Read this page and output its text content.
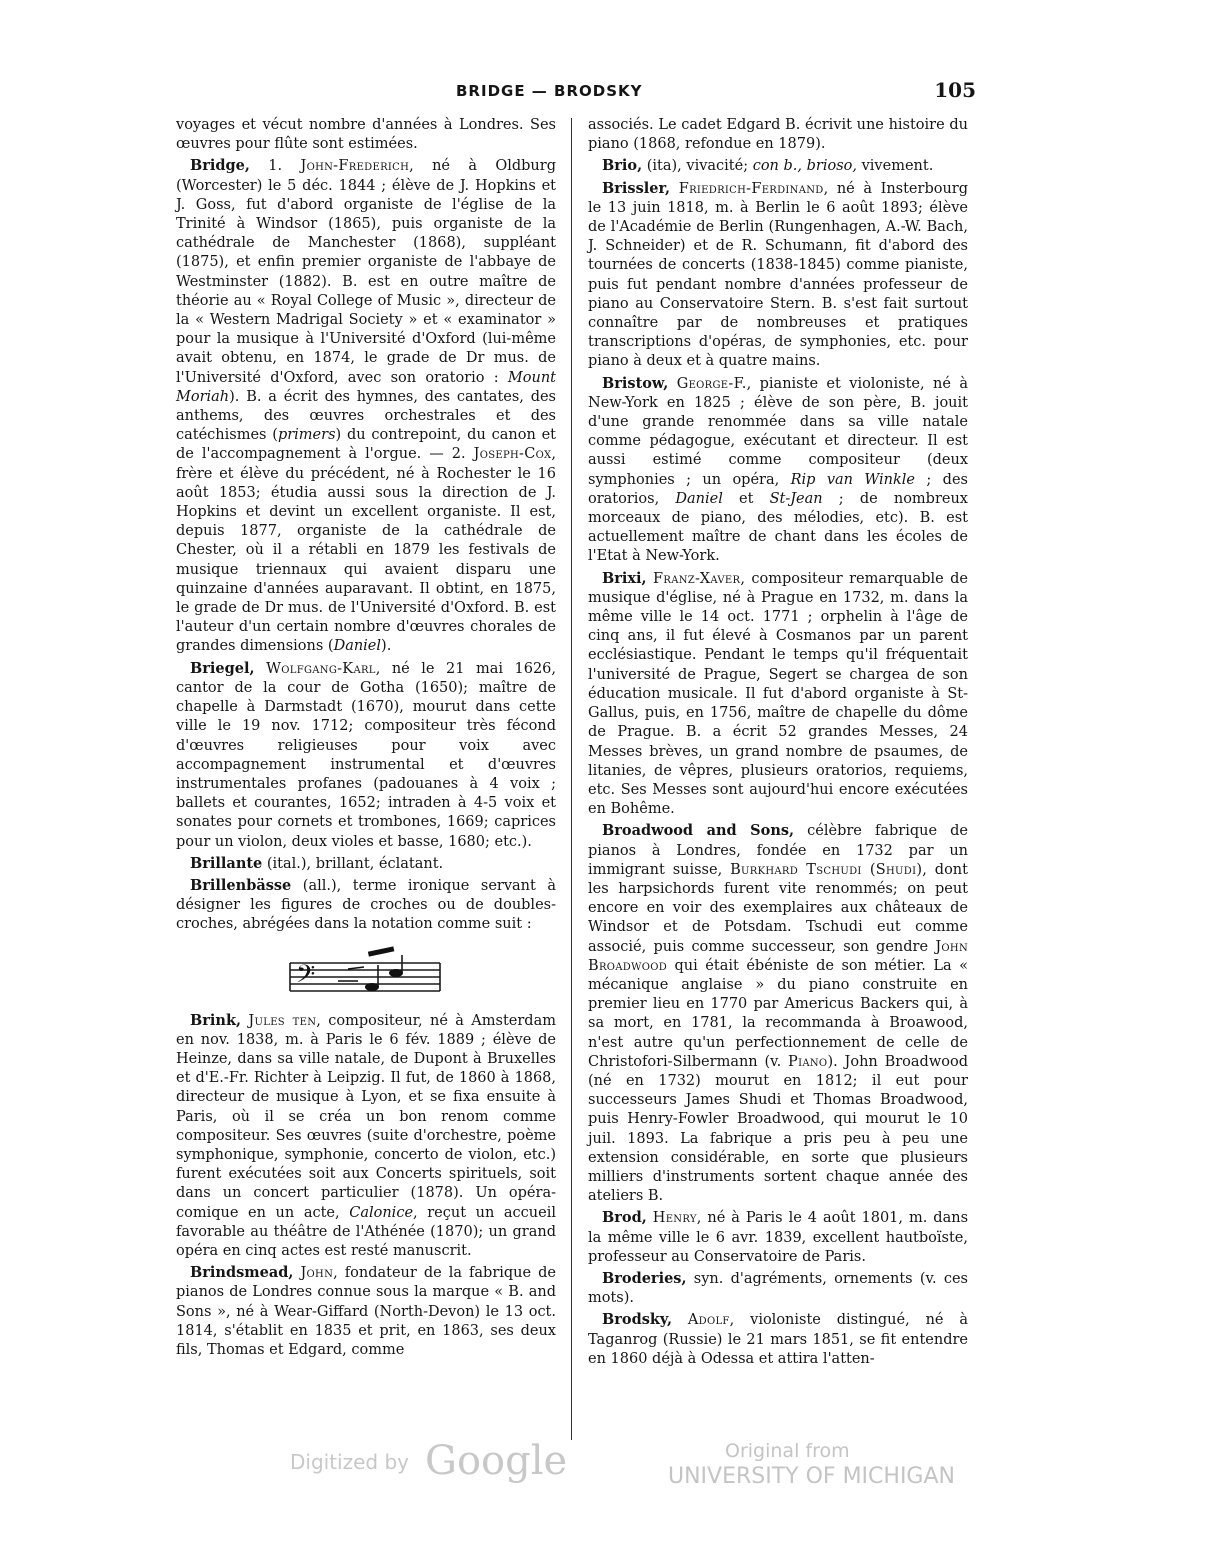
BRIDGE — BRODSKY	105

voyages et vécut nombre d'années à Londres. Ses œuvres pour flûte sont estimées.

Bridge, 1. John-Frederich, né à Oldburg (Worcester) le 5 déc. 1844 ; élève de J. Hopkins et J. Goss, fut d'abord organiste de l'église de la Trinité à Windsor (1865), puis organiste de la cathédrale de Manchester (1868), suppléant (1875), et enfin premier organiste de l'abbaye de Westminster (1882). B. est en outre maître de théorie au « Royal College of Music », directeur de la « Western Madrigal Society » et « examinator » pour la musique à l'Université d'Oxford (lui-même avait obtenu, en 1874, le grade de Dr mus. de l'Université d'Oxford, avec son oratorio : Mount Moriah). B. a écrit des hymnes, des cantates, des anthems, des œuvres orchestrales et des catéchismes (primers) du contrepoint, du canon et de l'accompagnement à l'orgue. — 2. Joseph-Cox, frère et élève du précédent, né à Rochester le 16 août 1853; étudia aussi sous la direction de J. Hopkins et devint un excellent organiste. Il est, depuis 1877, organiste de la cathédrale de Chester, où il a rétabli en 1879 les festivals de musique triennaux qui avaient disparu une quinzaine d'années auparavant. Il obtint, en 1875, le grade de Dr mus. de l'Université d'Oxford. B. est l'auteur d'un certain nombre d'œuvres chorales de grandes dimensions (Daniel).

Briegel, Wolfgang-Karl, né le 21 mai 1626, cantor de la cour de Gotha (1650); maître de chapelle à Darmstadt (1670), mourut dans cette ville le 19 nov. 1712; compositeur très fécond d'œuvres religieuses pour voix avec accompagnement instrumental et d'œuvres instrumentales profanes (padouanes à 4 voix ; ballets et courantes, 1652; intraden à 4-5 voix et sonates pour cornets et trombones, 1669; caprices pour un violon, deux violes et basse, 1680; etc.).

Brillante (ital.), brillant, éclatant.

Brillenbässe (all.), terme ironique servant à désigner les figures de croches ou de doubles-croches, abrégées dans la notation comme suit :

𝄢

Brink, Jules ten, compositeur, né à Amsterdam en nov. 1838, m. à Paris le 6 fév. 1889 ; élève de Heinze, dans sa ville natale, de Dupont à Bruxelles et d'E.-Fr. Richter à Leipzig. Il fut, de 1860 à 1868, directeur de musique à Lyon, et se fixa ensuite à Paris, où il se créa un bon renom comme compositeur. Ses œuvres (suite d'orchestre, poème symphonique, symphonie, concerto de violon, etc.) furent exécutées soit aux Concerts spirituels, soit dans un concert particulier (1878). Un opéra-comique en un acte, Calonice, reçut un accueil favorable au théâtre de l'Athénée (1870); un grand opéra en cinq actes est resté manuscrit.

Brindsmead, John, fondateur de la fabrique de pianos de Londres connue sous la marque « B. and Sons », né à Wear-Giffard (North-Devon) le 13 oct. 1814, s'établit en 1835 et prit, en 1863, ses deux fils, Thomas et Edgard, comme

associés. Le cadet Edgard B. écrivit une histoire du piano (1868, refondue en 1879).

Brio, (ita), vivacité; con b., brioso, vivement.

Brissler, Friedrich-Ferdinand, né à Insterbourg le 13 juin 1818, m. à Berlin le 6 août 1893; élève de l'Académie de Berlin (Rungenhagen, A.-W. Bach, J. Schneider) et de R. Schumann, fit d'abord des tournées de concerts (1838-1845) comme pianiste, puis fut pendant nombre d'années professeur de piano au Conservatoire Stern. B. s'est fait surtout connaître par de nombreuses et pratiques transcriptions d'opéras, de symphonies, etc. pour piano à deux et à quatre mains.

Bristow, George-F., pianiste et violoniste, né à New-York en 1825 ; élève de son père, B. jouit d'une grande renommée dans sa ville natale comme pédagogue, exécutant et directeur. Il est aussi estimé comme compositeur (deux symphonies ; un opéra, Rip van Winkle ; des oratorios, Daniel et St-Jean ; de nombreux morceaux de piano, des mélodies, etc). B. est actuellement maître de chant dans les écoles de l'Etat à New-York.

Brixi, Franz-Xaver, compositeur remarquable de musique d'église, né à Prague en 1732, m. dans la même ville le 14 oct. 1771 ; orphelin à l'âge de cinq ans, il fut élevé à Cosmanos par un parent ecclésiastique. Pendant le temps qu'il fréquentait l'université de Prague, Segert se chargea de son éducation musicale. Il fut d'abord organiste à St-Gallus, puis, en 1756, maître de chapelle du dôme de Prague. B. a écrit 52 grandes Messes, 24 Messes brèves, un grand nombre de psaumes, de litanies, de vêpres, plusieurs oratorios, requiems, etc. Ses Messes sont aujourd'hui encore exécutées en Bohême.

Broadwood and Sons, célèbre fabrique de pianos à Londres, fondée en 1732 par un immigrant suisse, Burkhard Tschudi (Shudi), dont les harpsichords furent vite renommés; on peut encore en voir des exemplaires aux châteaux de Windsor et de Potsdam. Tschudi eut comme associé, puis comme successeur, son gendre John Broadwood qui était ébéniste de son métier. La « mécanique anglaise » du piano construite en premier lieu en 1770 par Americus Backers qui, à sa mort, en 1781, la recommanda à Broawood, n'est autre qu'un perfectionnement de celle de Christofori-Silbermann (v. Piano). John Broadwood (né en 1732) mourut en 1812; il eut pour successeurs James Shudi et Thomas Broadwood, puis Henry-Fowler Broadwood, qui mourut le 10 juil. 1893. La fabrique a pris peu à peu une extension considérable, en sorte que plusieurs milliers d'instruments sortent chaque année des ateliers B.

Brod, Henry, né à Paris le 4 août 1801, m. dans la même ville le 6 avr. 1839, excellent hautboïste, professeur au Conservatoire de Paris.

Broderies, syn. d'agréments, ornements (v. ces mots).

Brodsky, Adolf, violoniste distingué, né à Taganrog (Russie) le 21 mars 1851, se fit entendre en 1860 déjà à Odessa et attira l'atten-

Digitized by Google	Original from
UNIVERSITY OF MICHIGAN
